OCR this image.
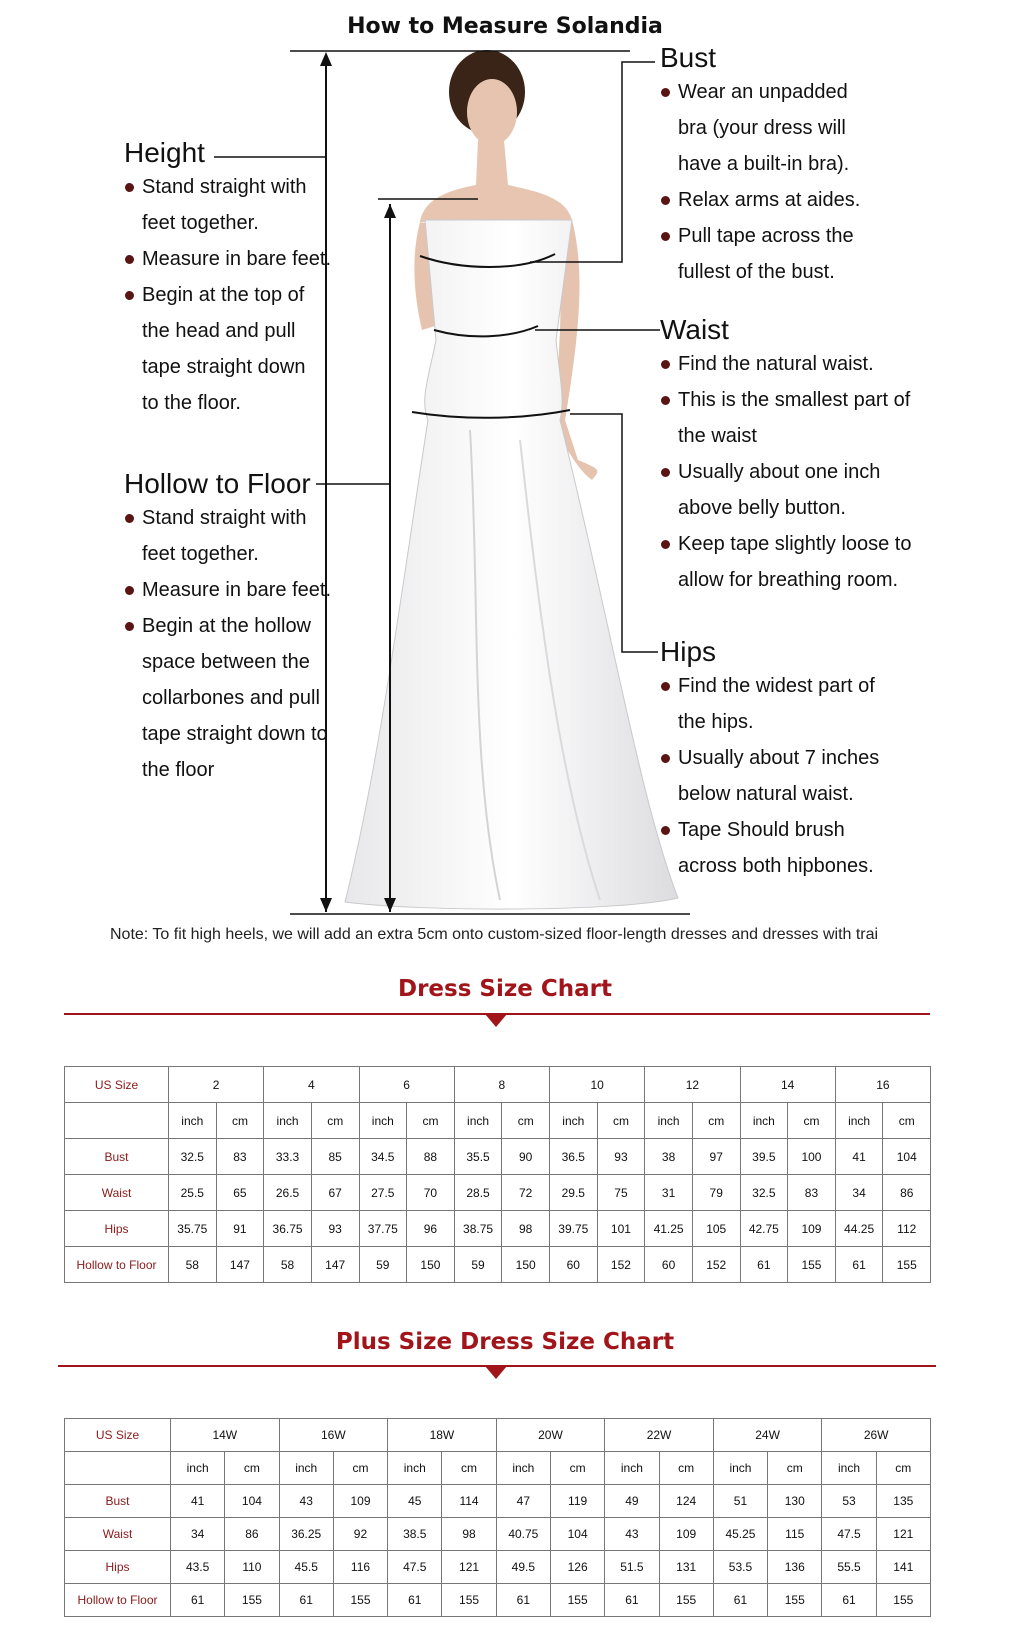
How to Measure Solandia
Height
Stand straight with feet together.
Measure in bare feet.
Begin at the top of the head and pull tape straight down to the floor.
Hollow to Floor
Stand straight with feet together.
Measure in bare feet.
Begin at the hollow space between the collarbones and pull tape straight down to the floor
Bust
Wear an unpadded bra (your dress will have a built-in bra).
Relax arms at aides.
Pull tape across the fullest of the bust.
Waist
Find the natural waist.
This is the smallest part of the waist
Usually about one inch above belly button.
Keep tape slightly loose to allow for breathing room.
Hips
Find the widest part of the hips.
Usually about 7 inches below natural waist.
Tape Should brush across both hipbones.
Note: To fit high heels, we will add an extra 5cm onto custom-sized floor-length dresses and dresses with trai
Dress Size Chart
US Size	2		4		6		8		10		12		14		16	
	inch	cm	inch	cm	inch	cm	inch	cm	inch	cm	inch	cm	inch	cm	inch	cm
Bust	32.5	83	33.3	85	34.5	88	35.5	90	36.5	93	38	97	39.5	100	41	104
Waist	25.5	65	26.5	67	27.5	70	28.5	72	29.5	75	31	79	32.5	83	34	86
Hips	35.75	91	36.75	93	37.75	96	38.75	98	39.75	101	41.25	105	42.75	109	44.25	112
Hollow to Floor	58	147	58	147	59	150	59	150	60	152	60	152	61	155	61	155
Plus Size Dress Size Chart
US Size	14W		16W		18W		20W		22W		24W		26W	
	inch	cm	inch	cm	inch	cm	inch	cm	inch	cm	inch	cm	inch	cm
Bust	41	104	43	109	45	114	47	119	49	124	51	130	53	135
Waist	34	86	36.25	92	38.5	98	40.75	104	43	109	45.25	115	47.5	121
Hips	43.5	110	45.5	116	47.5	121	49.5	126	51.5	131	53.5	136	55.5	141
Hollow to Floor	61	155	61	155	61	155	61	155	61	155	61	155	61	155
